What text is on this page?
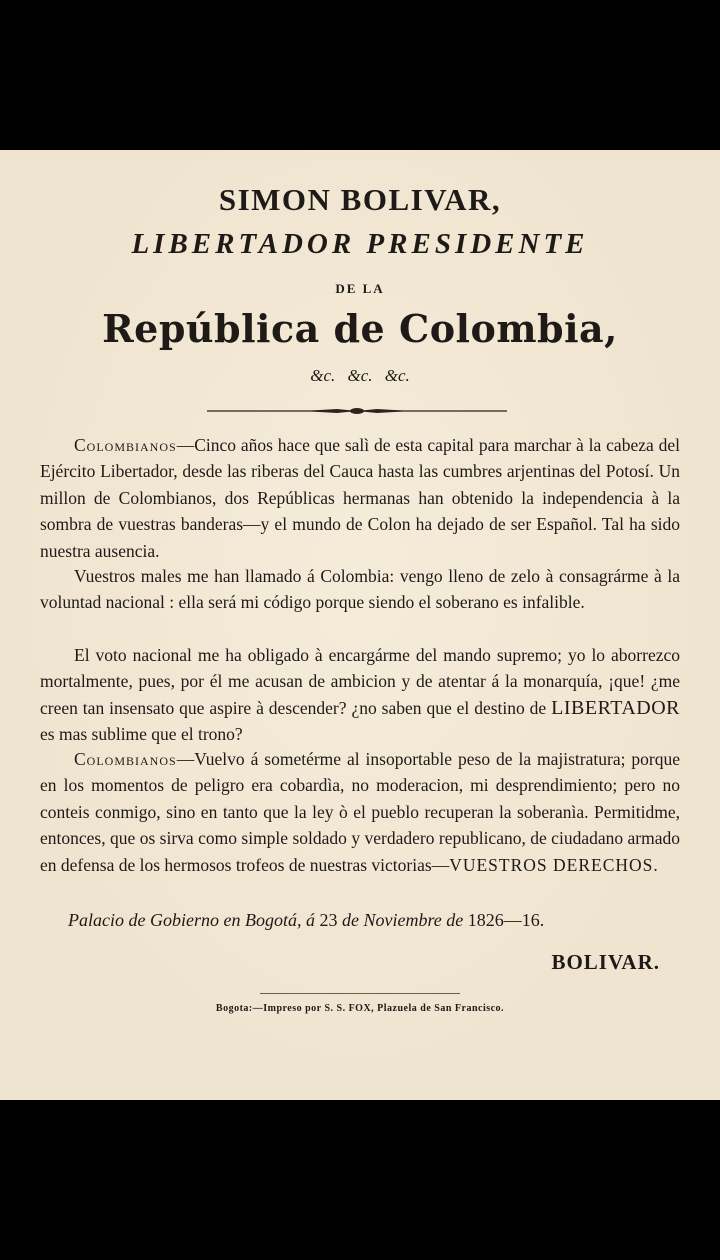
SIMON BOLIVAR,
LIBERTADOR PRESIDENTE
DE LA
República de Colombia,
&c. &c. &c.
Colombianos—Cinco años hace que salì de esta capital para marchar à la cabeza del Ejército Libertador, desde las riberas del Cauca hasta las cumbres arjentinas del Potosí. Un millon de Colombianos, dos Repúblicas hermanas han obtenido la independencia à la sombra de vuestras banderas—y el mundo de Colon ha dejado de ser Español. Tal ha sido nuestra ausencia.
Vuestros males me han llamado á Colombia: vengo lleno de zelo à consagrármе à la voluntad nacional : ella será mi código porque siendo el soberano es infalible.
El voto nacional me ha obligado à encargárme del mando supremo; yo lo aborrezco mortalmente, pues, por él me acusan de ambicion y de atentar á la monarquía, ¡que! ¿me creen tan insensato que aspire à descender? ¿no saben que el destino de LIBERTADOR es mas sublime que el trono?
Colombianos—Vuelvo á sometérme al insoportable peso de la majistratura; porque en los momentos de peligro era cobardìa, no moderacion, mi desprendimiento; pero no conteis conmigo, sino en tanto que la ley ò el pueblo recuperan la soberanìa. Permitidme, entonces, que os sirva como simple soldado y verdadero republicano, de ciudadano armado en defensa de los hermosos trofeos de nuestras victorias—VUESTROS DERECHOS.
Palacio de Gobierno en Bogotá, á 23 de Noviembre de 1826—16.
BOLIVAR.
Bogota:—Impreso por S. S. FOX, Plazuela de San Francisco.
